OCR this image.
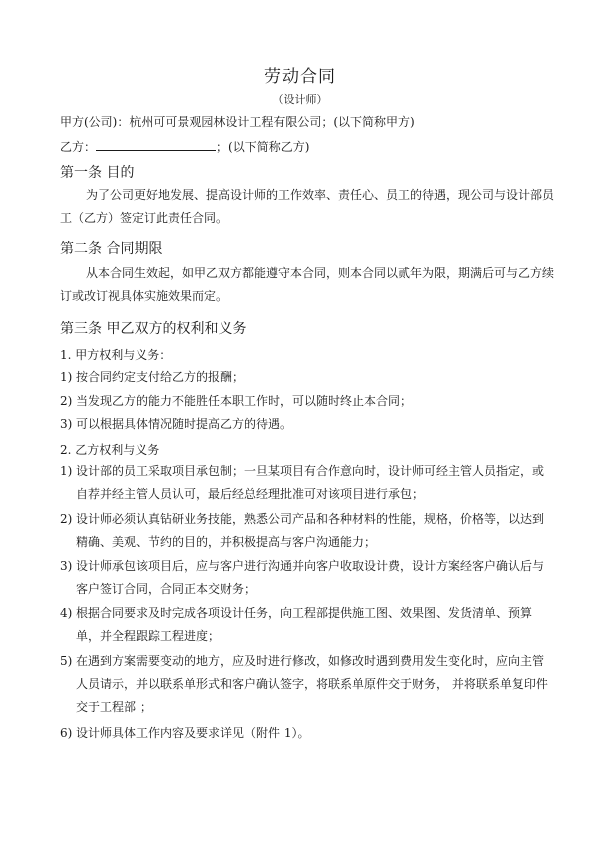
劳动合同
（设计师）
甲方(公司)：杭州可可景观园林设计工程有限公司；(以下简称甲方)
乙方：	；(以下简称乙方)
第一条 目的
为了公司更好地发展、提高设计师的工作效率、责任心、员工的待遇，现公司与设计部员工（乙方）签定订此责任合同。
第二条 合同期限
从本合同生效起，如甲乙双方都能遵守本合同，则本合同以贰年为限，期满后可与乙方续订或改订视具体实施效果而定。
第三条 甲乙双方的权利和义务
1. 甲方权利与义务：
1) 按合同约定支付给乙方的报酬；
2) 当发现乙方的能力不能胜任本职工作时，可以随时终止本合同；
3) 可以根据具体情况随时提高乙方的待遇。
2. 乙方权利与义务
1) 设计部的员工采取项目承包制；一旦某项目有合作意向时，设计师可经主管人员指定，或自荐并经主管人员认可，最后经总经理批准可对该项目进行承包；
2) 设计师必须认真钻研业务技能，熟悉公司产品和各种材料的性能，规格，价格等，以达到精确、美观、节约的目的，并积极提高与客户沟通能力；
3) 设计师承包该项目后，应与客户进行沟通并向客户收取设计费，设计方案经客户确认后与客户签订合同，合同正本交财务；
4) 根据合同要求及时完成各项设计任务，向工程部提供施工图、效果图、发货清单、预算单，并全程跟踪工程进度；
5) 在遇到方案需要变动的地方，应及时进行修改，如修改时遇到费用发生变化时，应向主管人员请示，并以联系单形式和客户确认签字，将联系单原件交于财务， 并将联系单复印件交于工程部 ；
6) 设计师具体工作内容及要求详见（附件 1）。
